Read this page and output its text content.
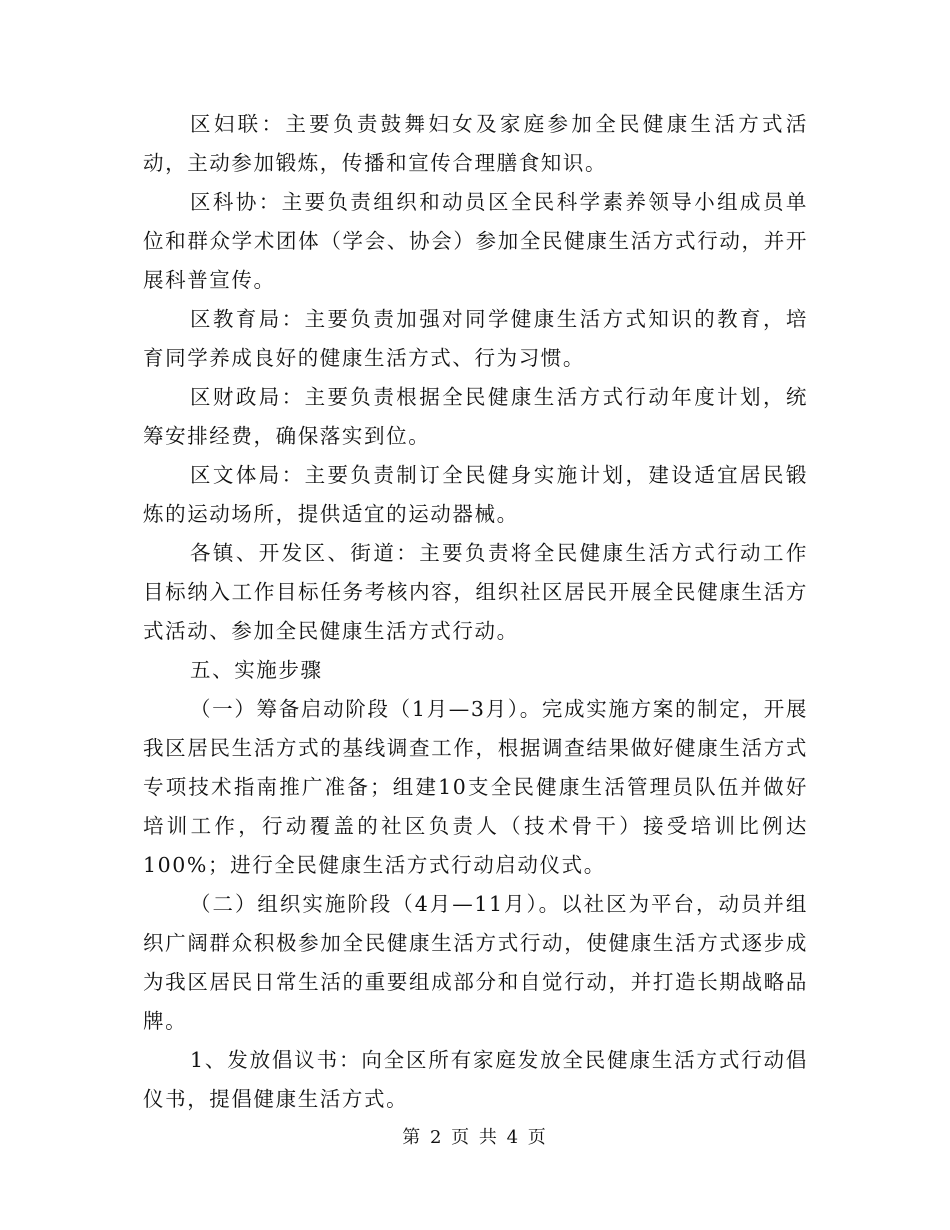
区妇联：主要负责鼓舞妇女及家庭参加全民健康生活方式活动，主动参加锻炼，传播和宣传合理膳食知识。

区科协：主要负责组织和动员区全民科学素养领导小组成员单位和群众学术团体（学会、协会）参加全民健康生活方式行动，并开展科普宣传。

区教育局：主要负责加强对同学健康生活方式知识的教育，培育同学养成良好的健康生活方式、行为习惯。

区财政局：主要负责根据全民健康生活方式行动年度计划，统筹安排经费，确保落实到位。

区文体局：主要负责制订全民健身实施计划，建设适宜居民锻炼的运动场所，提供适宜的运动器械。

各镇、开发区、街道：主要负责将全民健康生活方式行动工作目标纳入工作目标任务考核内容，组织社区居民开展全民健康生活方式活动、参加全民健康生活方式行动。

五、实施步骤

（一）筹备启动阶段（1月—3月）。完成实施方案的制定，开展我区居民生活方式的基线调查工作，根据调查结果做好健康生活方式专项技术指南推广准备；组建10支全民健康生活管理员队伍并做好培训工作，行动覆盖的社区负责人（技术骨干）接受培训比例达100%；进行全民健康生活方式行动启动仪式。

（二）组织实施阶段（4月—11月）。以社区为平台，动员并组织广阔群众积极参加全民健康生活方式行动，使健康生活方式逐步成为我区居民日常生活的重要组成部分和自觉行动，并打造长期战略品牌。

1、发放倡议书：向全区所有家庭发放全民健康生活方式行动倡仪书，提倡健康生活方式。

第 2 页 共 4 页
